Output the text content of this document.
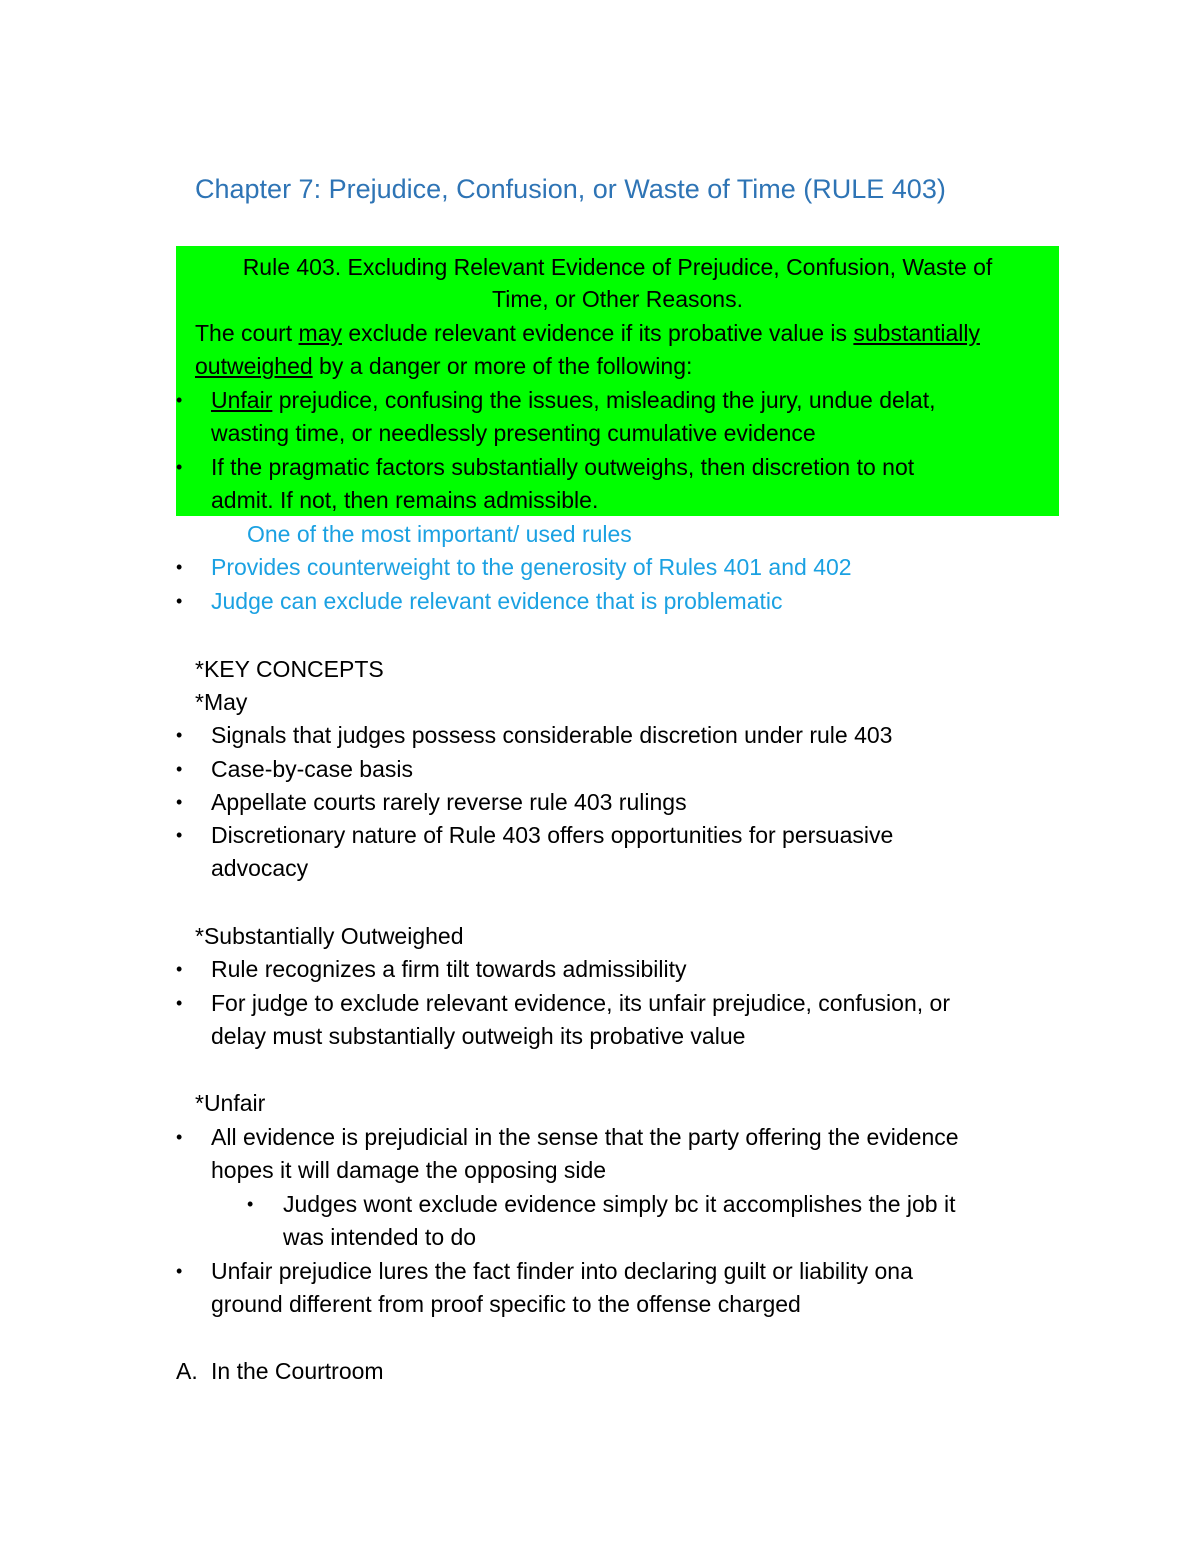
Chapter 7: Prejudice, Confusion, or Waste of Time (RULE 403)
Rule 403. Excluding Relevant Evidence of Prejudice, Confusion, Waste of
Time, or Other Reasons.
The court may exclude relevant evidence if its probative value is substantially
outweighed by a danger or more of the following:
• Unfair prejudice, confusing the issues, misleading the jury, undue delat,
wasting time, or needlessly presenting cumulative evidence
• If the pragmatic factors substantially outweighs, then discretion to not
admit. If not, then remains admissible.
One of the most important/ used rules
• Provides counterweight to the generosity of Rules 401 and 402
• Judge can exclude relevant evidence that is problematic
*KEY CONCEPTS
*May
• Signals that judges possess considerable discretion under rule 403
• Case-by-case basis
• Appellate courts rarely reverse rule 403 rulings
• Discretionary nature of Rule 403 offers opportunities for persuasive
advocacy
*Substantially Outweighed
• Rule recognizes a firm tilt towards admissibility
• For judge to exclude relevant evidence, its unfair prejudice, confusion, or
delay must substantially outweigh its probative value
*Unfair
• All evidence is prejudicial in the sense that the party offering the evidence
hopes it will damage the opposing side
• Judges wont exclude evidence simply bc it accomplishes the job it
was intended to do
• Unfair prejudice lures the fact finder into declaring guilt or liability ona
ground different from proof specific to the offense charged
A. In the Courtroom
